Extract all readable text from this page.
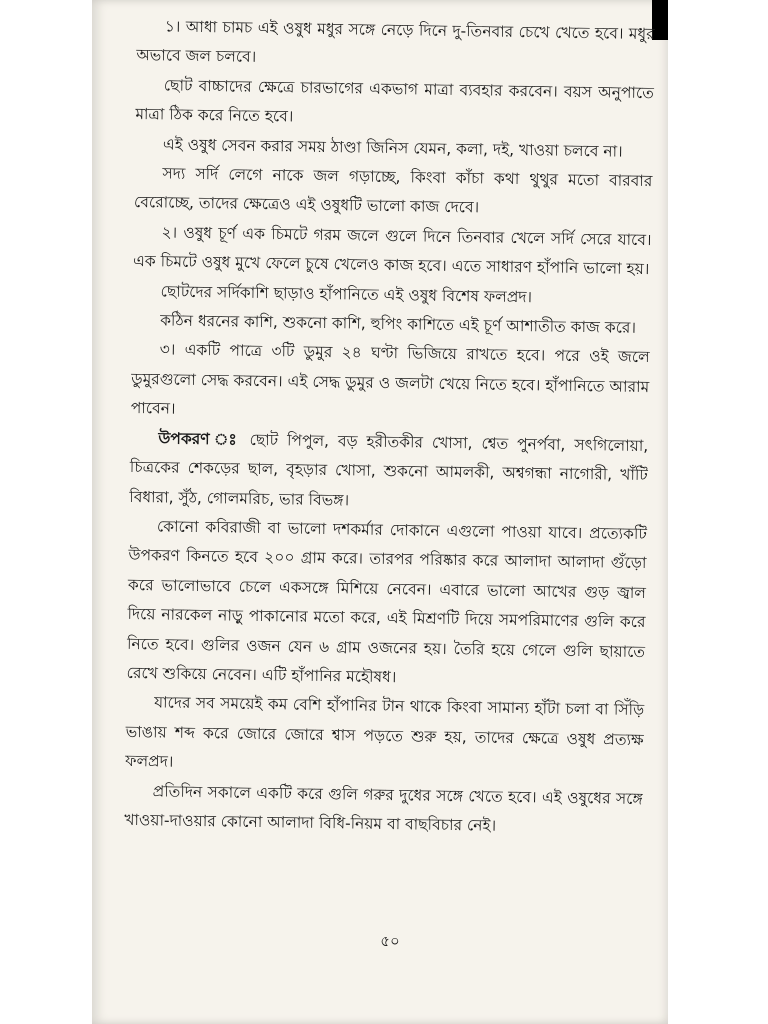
১। আধা চামচ এই ওষুধ মধুর সঙ্গে নেড়ে দিনে দু-তিনবার চেখে খেতে হবে। মধুর অভাবে জল চলবে।

ছোট বাচ্চাদের ক্ষেত্রে চারভাগের একভাগ মাত্রা ব্যবহার করবেন। বয়স অনুপাতে মাত্রা ঠিক করে নিতে হবে।

এই ওষুধ সেবন করার সময় ঠাণ্ডা জিনিস যেমন, কলা, দই, খাওয়া চলবে না।

সদ্য সর্দি লেগে নাকে জল গড়াচ্ছে, কিংবা কাঁচা কথা থুথুর মতো বারবার বেরোচ্ছে, তাদের ক্ষেত্রেও এই ওষুধটি ভালো কাজ দেবে।

২। ওষুধ চূর্ণ এক চিমটে গরম জলে গুলে দিনে তিনবার খেলে সর্দি সেরে যাবে। এক চিমটে ওষুধ মুখে ফেলে চুষে খেলেও কাজ হবে। এতে সাধারণ হাঁপানি ভালো হয়।

ছোটদের সর্দিকাশি ছাড়াও হাঁপানিতে এই ওষুধ বিশেষ ফলপ্রদ।

কঠিন ধরনের কাশি, শুকনো কাশি, হুপিং কাশিতে এই চূর্ণ আশাতীত কাজ করে।

৩। একটি পাত্রে ৩টি ডুমুর ২৪ ঘণ্টা ভিজিয়ে রাখতে হবে। পরে ওই জলে ডুমুরগুলো সেদ্ধ করবেন। এই সেদ্ধ ডুমুর ও জলটা খেয়ে নিতে হবে। হাঁপানিতে আরাম পাবেন।

উপকরণ ঃ ছোট পিপুল, বড় হরীতকীর খোসা, শ্বেত পুনর্পবা, সৎগিলোয়া, চিত্রকের শেকড়ের ছাল, বৃহড়ার খোসা, শুকনো আমলকী, অশ্বগন্ধা নাগোরী, খাঁটি বিধারা, সুঁঠ, গোলমরিচ, ভার বিভঙ্গ।

কোনো কবিরাজী বা ভালো দশকর্মার দোকানে এগুলো পাওয়া যাবে। প্রত্যেকটি উপকরণ কিনতে হবে ২০০ গ্রাম করে। তারপর পরিষ্কার করে আলাদা আলাদা গুঁড়ো করে ভালোভাবে চেলে একসঙ্গে মিশিয়ে নেবেন। এবারে ভালো আখের গুড় জ্বাল দিয়ে নারকেল নাড়ু পাকানোর মতো করে, এই মিশ্রণটি দিয়ে সমপরিমাণের গুলি করে নিতে হবে। গুলির ওজন যেন ৬ গ্রাম ওজনের হয়। তৈরি হয়ে গেলে গুলি ছায়াতে রেখে শুকিয়ে নেবেন। এটি হাঁপানির মহৌষধ।

যাদের সব সময়েই কম বেশি হাঁপানির টান থাকে কিংবা সামান্য হাঁটা চলা বা সিঁড়ি ভাঙায় শব্দ করে জোরে জোরে শ্বাস পড়তে শুরু হয়, তাদের ক্ষেত্রে ওষুধ প্রত্যক্ষ ফলপ্রদ।

প্রতিদিন সকালে একটি করে গুলি গরুর দুধের সঙ্গে খেতে হবে। এই ওষুধের সঙ্গে খাওয়া-দাওয়ার কোনো আলাদা বিধি-নিয়ম বা বাছবিচার নেই।

৫০
